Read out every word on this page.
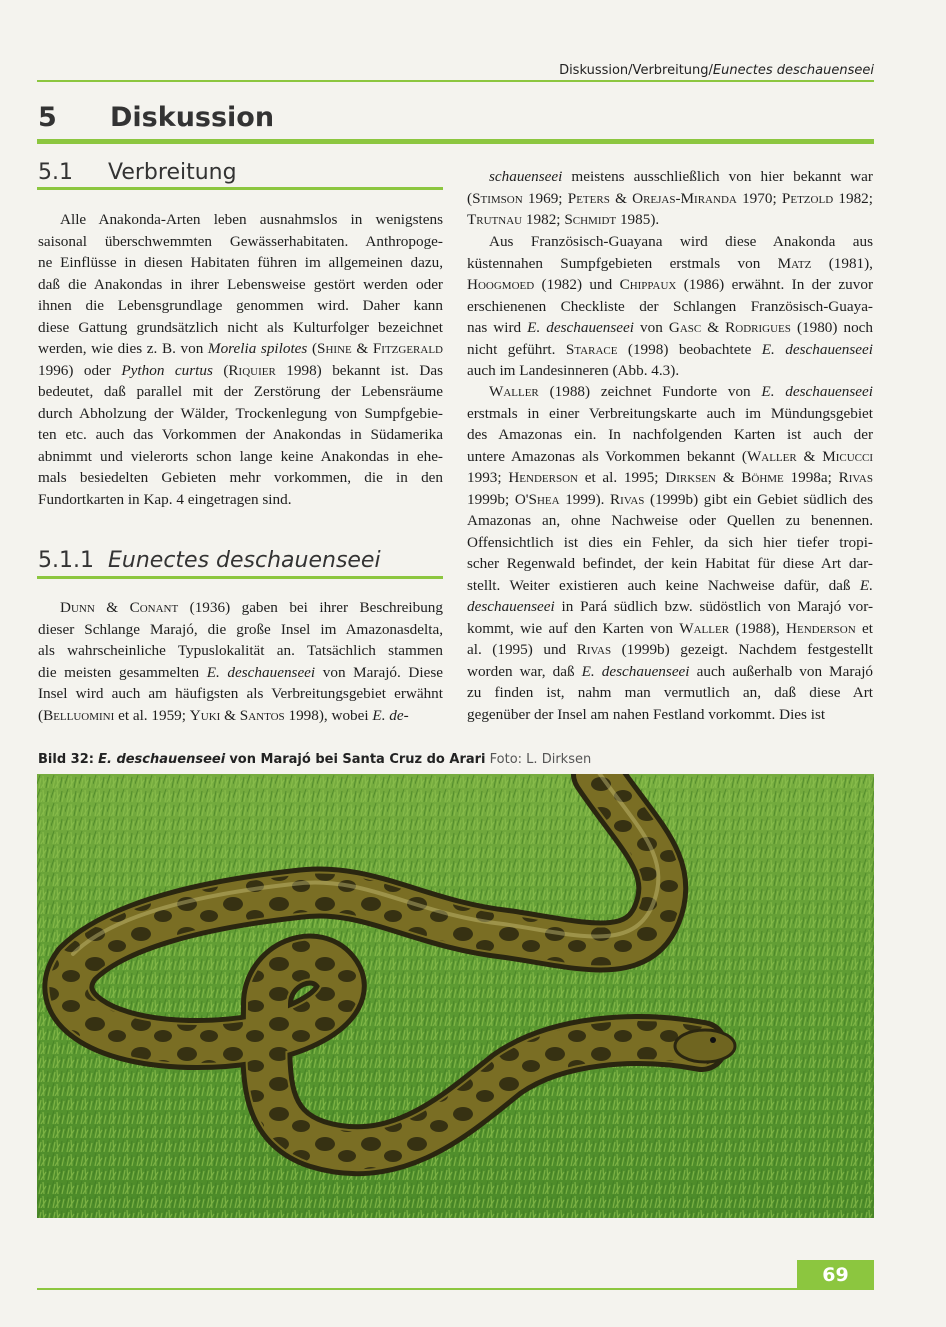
Diskussion/Verbreitung/Eunectes deschauenseei
5 Diskussion
5.1 Verbreitung
Alle Anakonda-Arten leben ausnahmslos in wenigstens
saisonal überschwemmten Gewässerhabitaten. Anthropoge-
ne Einflüsse in diesen Habitaten führen im allgemeinen dazu,
daß die Anakondas in ihrer Lebensweise gestört werden oder
ihnen die Lebensgrundlage genommen wird. Daher kann
diese Gattung grundsätzlich nicht als Kulturfolger bezeichnet
werden, wie dies z. B. von Morelia spilotes (Shine & Fitzgerald
1996) oder Python curtus (Riquier 1998) bekannt ist. Das
bedeutet, daß parallel mit der Zerstörung der Lebensräume
durch Abholzung der Wälder, Trockenlegung von Sumpfgebie-
ten etc. auch das Vorkommen der Anakondas in Südamerika
abnimmt und vielerorts schon lange keine Anakondas in ehe-
mals besiedelten Gebieten mehr vorkommen, die in den
Fundortkarten in Kap. 4 eingetragen sind.
5.1.1 Eunectes deschauenseei
Dunn & Conant (1936) gaben bei ihrer Beschreibung
dieser Schlange Marajó, die große Insel im Amazonasdelta,
als wahrscheinliche Typuslokalität an. Tatsächlich stammen
die meisten gesammelten E. deschauenseei von Marajó. Diese
Insel wird auch am häufigsten als Verbreitungsgebiet erwähnt
(Belluomini et al. 1959; Yuki & Santos 1998), wobei E. de-
schauenseei meistens ausschließlich von hier bekannt war
(Stimson 1969; Peters & Orejas-Miranda 1970; Petzold 1982;
Trutnau 1982; Schmidt 1985).
Aus Französisch-Guayana wird diese Anakonda aus
küstennahen Sumpfgebieten erstmals von Matz (1981),
Hoogmoed (1982) und Chippaux (1986) erwähnt. In der zuvor
erschienenen Checkliste der Schlangen Französisch-Guaya-
nas wird E. deschauenseei von Gasc & Rodrigues (1980) noch
nicht geführt. Starace (1998) beobachtete E. deschauenseei
auch im Landesinneren (Abb. 4.3).
Waller (1988) zeichnet Fundorte von E. deschauenseei
erstmals in einer Verbreitungskarte auch im Mündungsgebiet
des Amazonas ein. In nachfolgenden Karten ist auch der
untere Amazonas als Vorkommen bekannt (Waller & Micucci
1993; Henderson et al. 1995; Dirksen & Böhme 1998a; Rivas
1999b; O'Shea 1999). Rivas (1999b) gibt ein Gebiet südlich des
Amazonas an, ohne Nachweise oder Quellen zu benennen.
Offensichtlich ist dies ein Fehler, da sich hier tiefer tropi-
scher Regenwald befindet, der kein Habitat für diese Art dar-
stellt. Weiter existieren auch keine Nachweise dafür, daß E.
deschauenseei in Pará südlich bzw. südöstlich von Marajó vor-
kommt, wie auf den Karten von Waller (1988), Henderson et
al. (1995) und Rivas (1999b) gezeigt. Nachdem festgestellt
worden war, daß E. deschauenseei auch außerhalb von Marajó
zu finden ist, nahm man vermutlich an, daß diese Art
gegenüber der Insel am nahen Festland vorkommt. Dies ist
Bild 32: E. deschauenseei von Marajó bei Santa Cruz do Arari Foto: L. Dirksen
69
